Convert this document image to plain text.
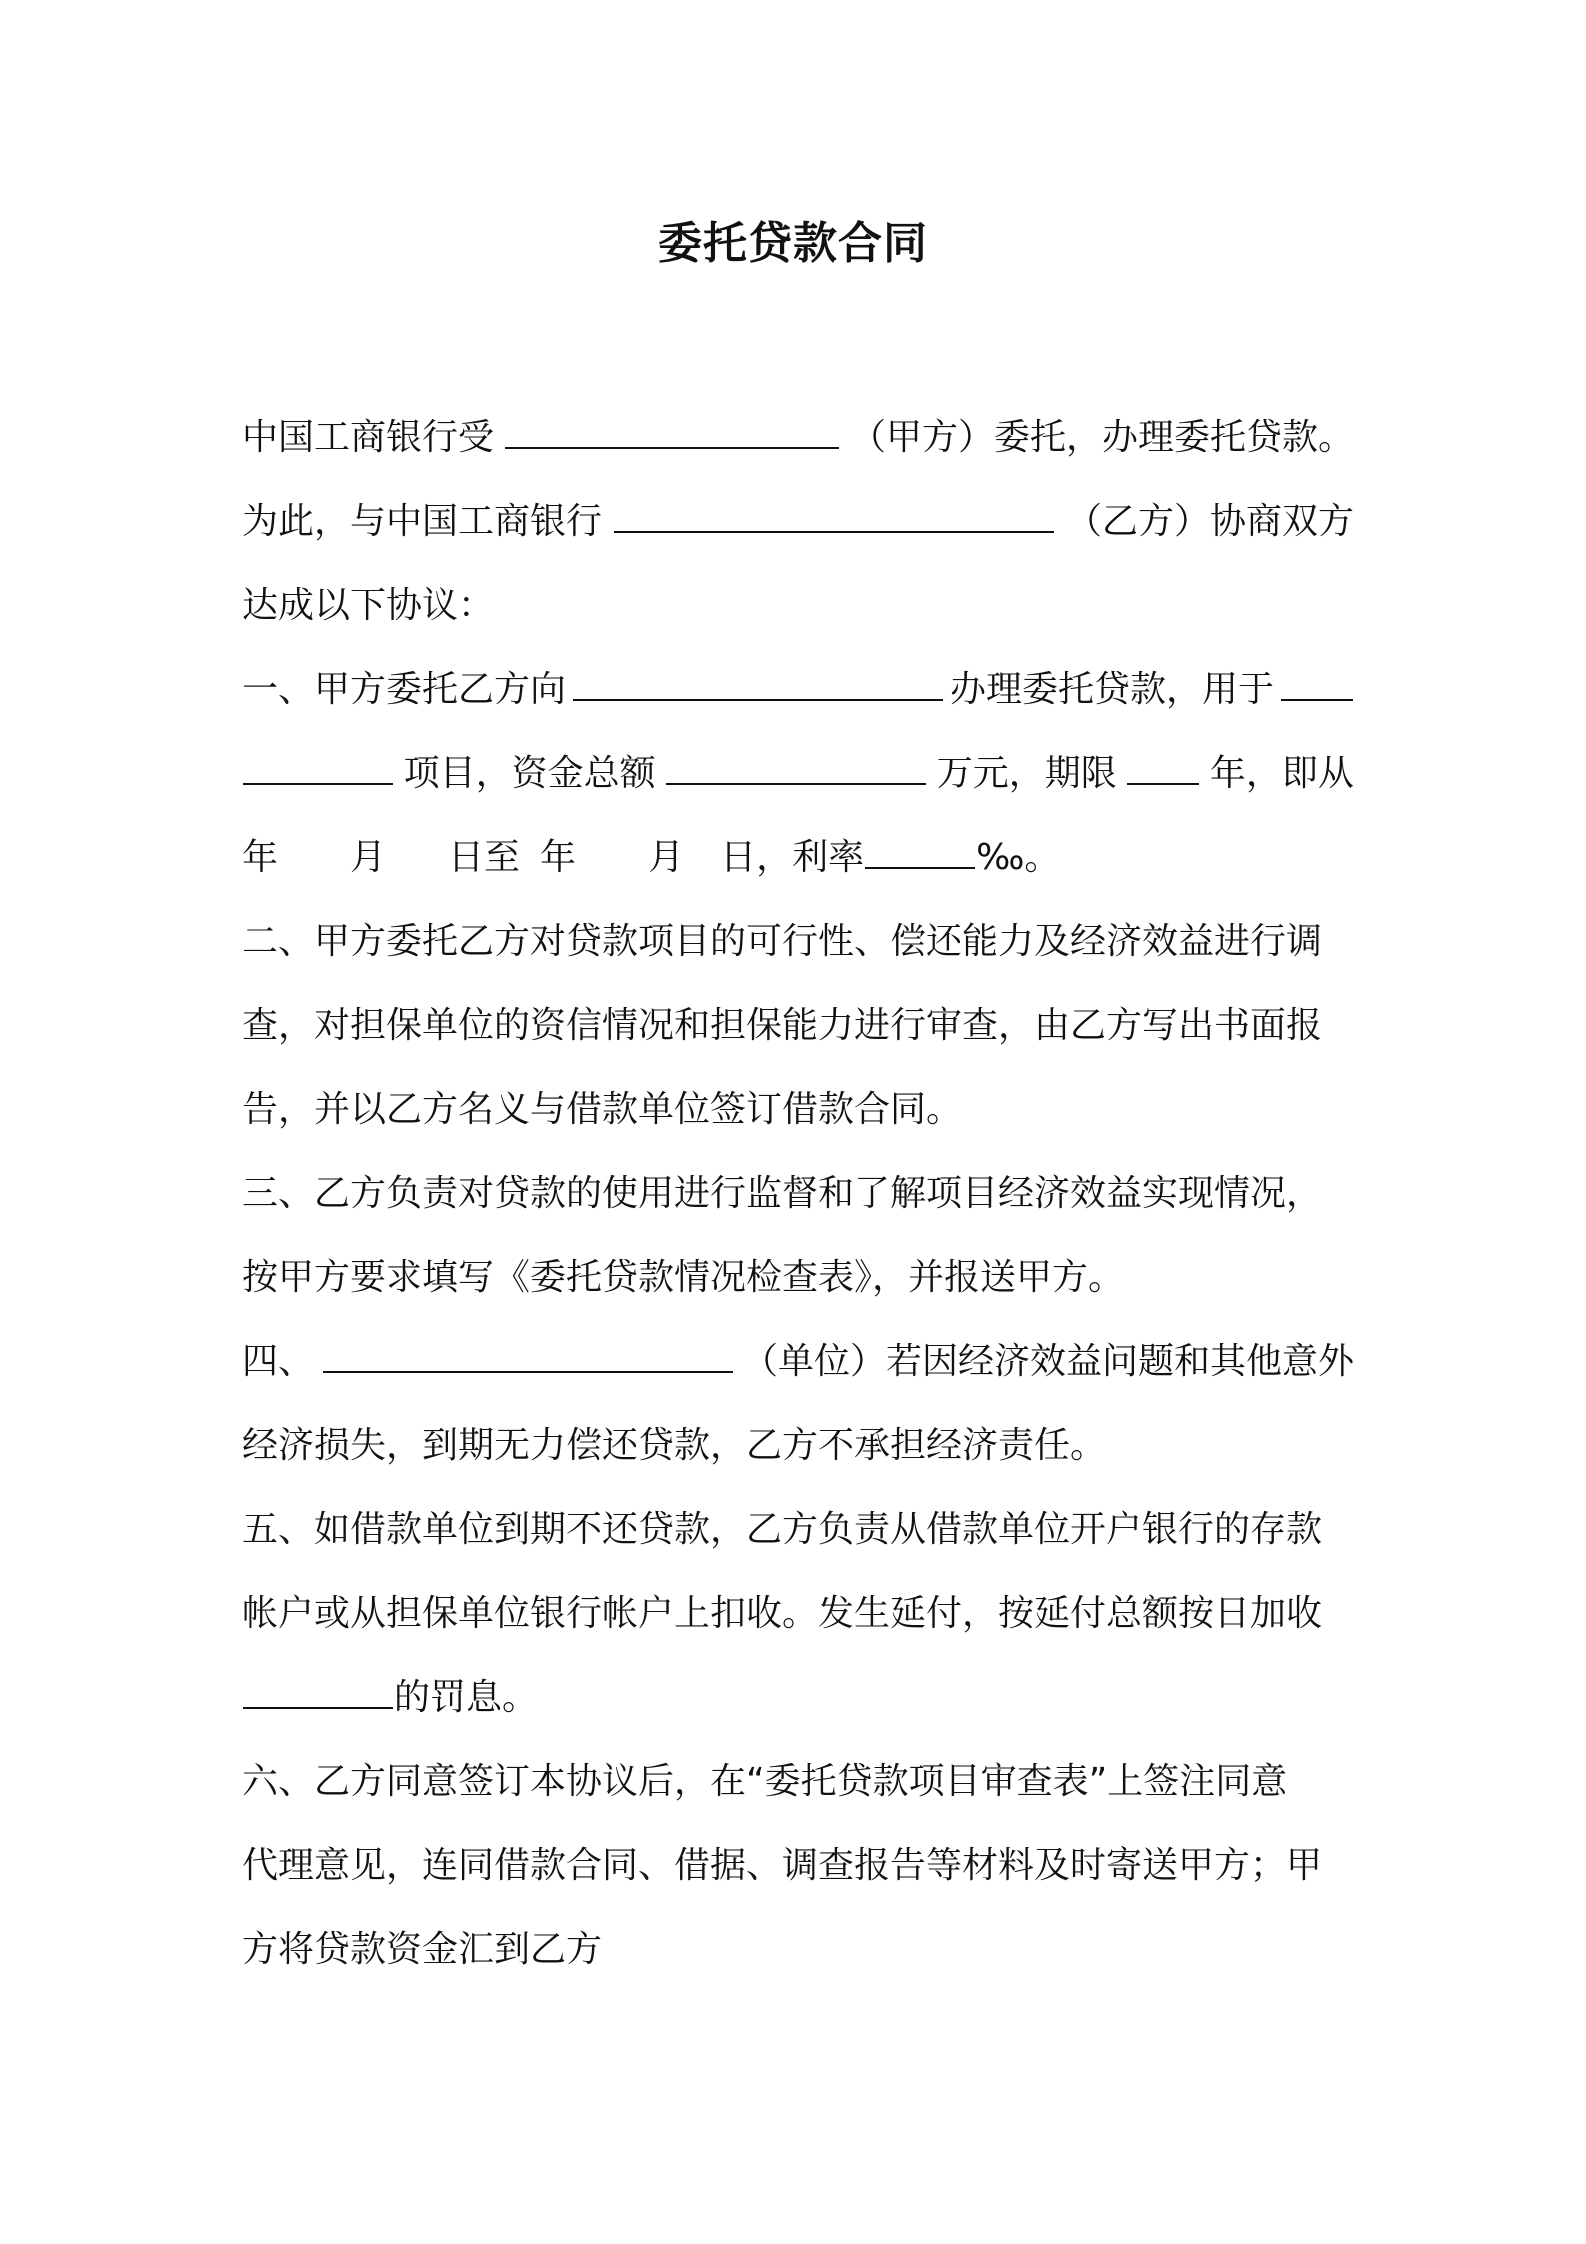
委托贷款合同
中国工商银行受	（甲方）委托，办理委托贷款。
为此，与中国工商银行	（乙方）协商双方
达成以下协议：
一、甲方委托乙方向	办理委托贷款，用于
项目，资金总额	万元，期限	年，即从
年 月 日至 年 月 日，利率	‰。
二、甲方委托乙方对贷款项目的可行性、偿还能力及经济效益进行调
查，对担保单位的资信情况和担保能力进行审查，由乙方写出书面报
告，并以乙方名义与借款单位签订借款合同。
三、乙方负责对贷款的使用进行监督和了解项目经济效益实现情况，
按甲方要求填写《委托贷款情况检查表》，并报送甲方。
四、	（单位）若因经济效益问题和其他意外
经济损失，到期无力偿还贷款，乙方不承担经济责任。
五、如借款单位到期不还贷款，乙方负责从借款单位开户银行的存款
帐户或从担保单位银行帐户上扣收。发生延付，按延付总额按日加收
的罚息。
六、乙方同意签订本协议后，在“委托贷款项目审查表”上签注同意
代理意见，连同借款合同、借据、调查报告等材料及时寄送甲方；甲
方将贷款资金汇到乙方
